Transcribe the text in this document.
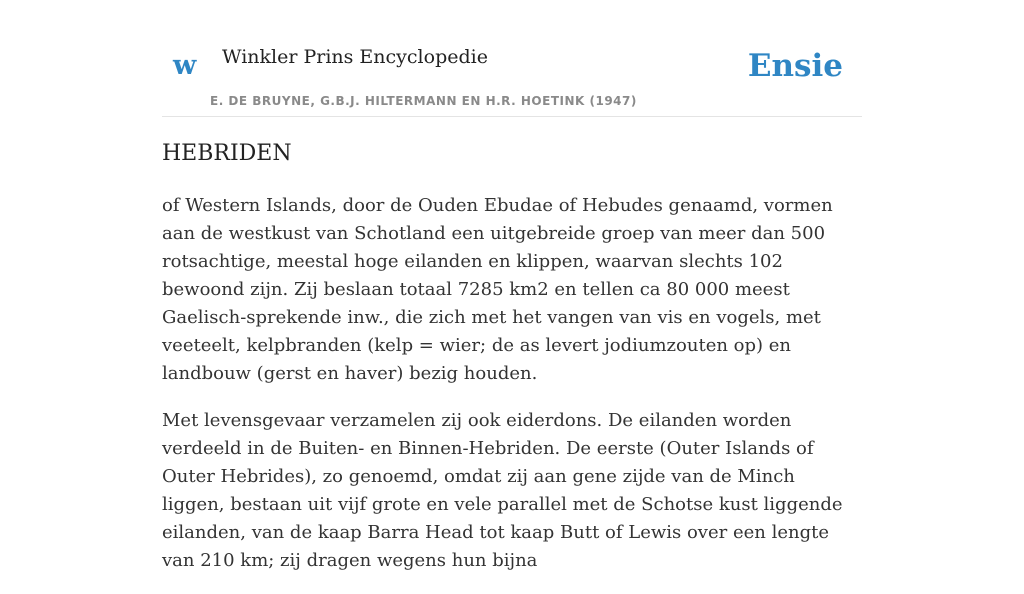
w Winkler Prins Encyclopedie
E. DE BRUYNE, G.B.J. HILTERMANN EN H.R. HOETINK (1947)
Ensie
HEBRIDEN

of Western Islands, door de Ouden Ebudae of Hebudes genaamd, vormen aan de westkust van Schotland een uitgebreide groep van meer dan 500 rotsachtige, meestal hoge eilanden en klippen, waarvan slechts 102 bewoond zijn. Zij beslaan totaal 7285 km2 en tellen ca 80 000 meest Gaelisch-sprekende inw., die zich met het vangen van vis en vogels, met veeteelt, kelpbranden (kelp = wier; de as levert jodiumzouten op) en landbouw (gerst en haver) bezig houden.

Met levensgevaar verzamelen zij ook eiderdons. De eilanden worden verdeeld in de Buiten- en Binnen-Hebriden. De eerste (Outer Islands of Outer Hebrides), zo genoemd, omdat zij aan gene zijde van de Minch liggen, bestaan uit vijf grote en vele parallel met de Schotse kust liggende eilanden, van de kaap Barra Head tot kaap Butt of Lewis over een lengte van 210 km; zij dragen wegens hun bijna
